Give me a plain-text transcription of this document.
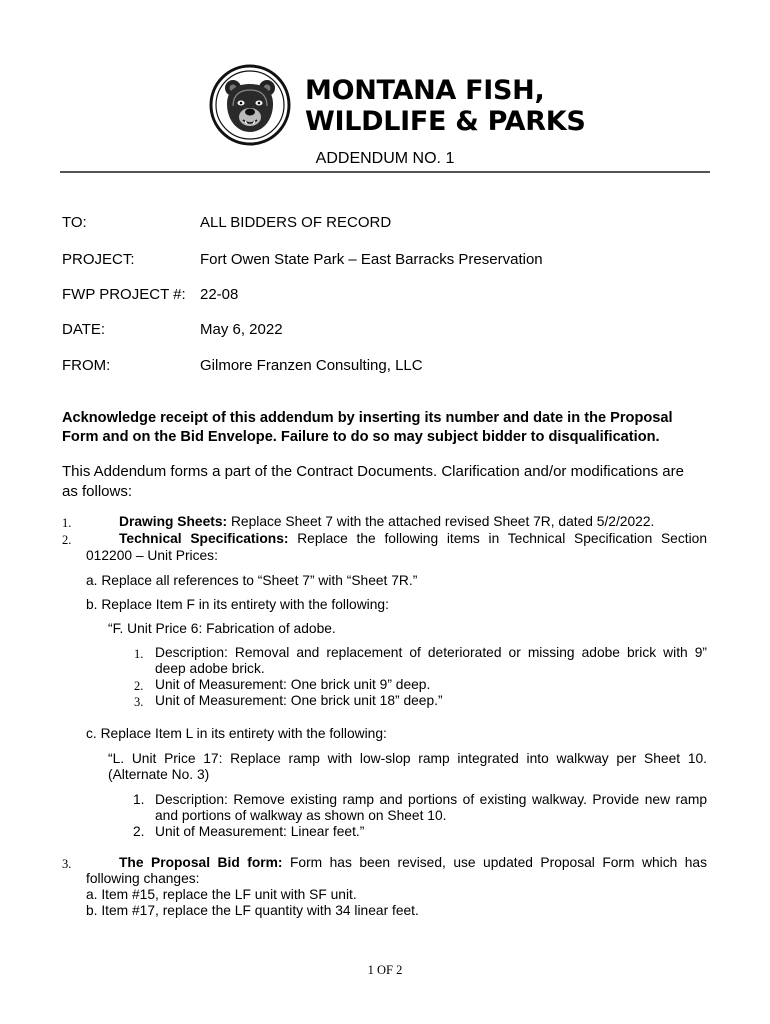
MONTANA FISH,
WILDLIFE & PARKS
ADDENDUM NO. 1
TO:	ALL BIDDERS OF RECORD
PROJECT:	Fort Owen State Park – East Barracks Preservation
FWP PROJECT #: 22-08
DATE:	May 6, 2022
FROM:	Gilmore Franzen Consulting, LLC
Acknowledge receipt of this addendum by inserting its number and date in the Proposal
Form and on the Bid Envelope. Failure to do so may subject bidder to disqualification.
This Addendum forms a part of the Contract Documents. Clarification and/or modifications are
as follows:
1.	Drawing Sheets: Replace Sheet 7 with the attached revised Sheet 7R, dated 5/2/2022.
2.	Technical Specifications: Replace the following items in Technical Specification Section
012200 – Unit Prices:
a. Replace all references to “Sheet 7” with “Sheet 7R.”
b. Replace Item F in its entirety with the following:
“F. Unit Price 6: Fabrication of adobe.
1. Description: Removal and replacement of deteriorated or missing adobe brick with 9”
deep adobe brick.
2. Unit of Measurement: One brick unit 9” deep.
3. Unit of Measurement: One brick unit 18” deep.”
c. Replace Item L in its entirety with the following:
“L. Unit Price 17: Replace ramp with low-slop ramp integrated into walkway per Sheet 10.
(Alternate No. 3)
1. Description: Remove existing ramp and portions of existing walkway. Provide new ramp
and portions of walkway as shown on Sheet 10.
2. Unit of Measurement: Linear feet.”
3.	The Proposal Bid form: Form has been revised, use updated Proposal Form which has
following changes:
a. Item #15, replace the LF unit with SF unit.
b. Item #17, replace the LF quantity with 34 linear feet.
1 OF 2
